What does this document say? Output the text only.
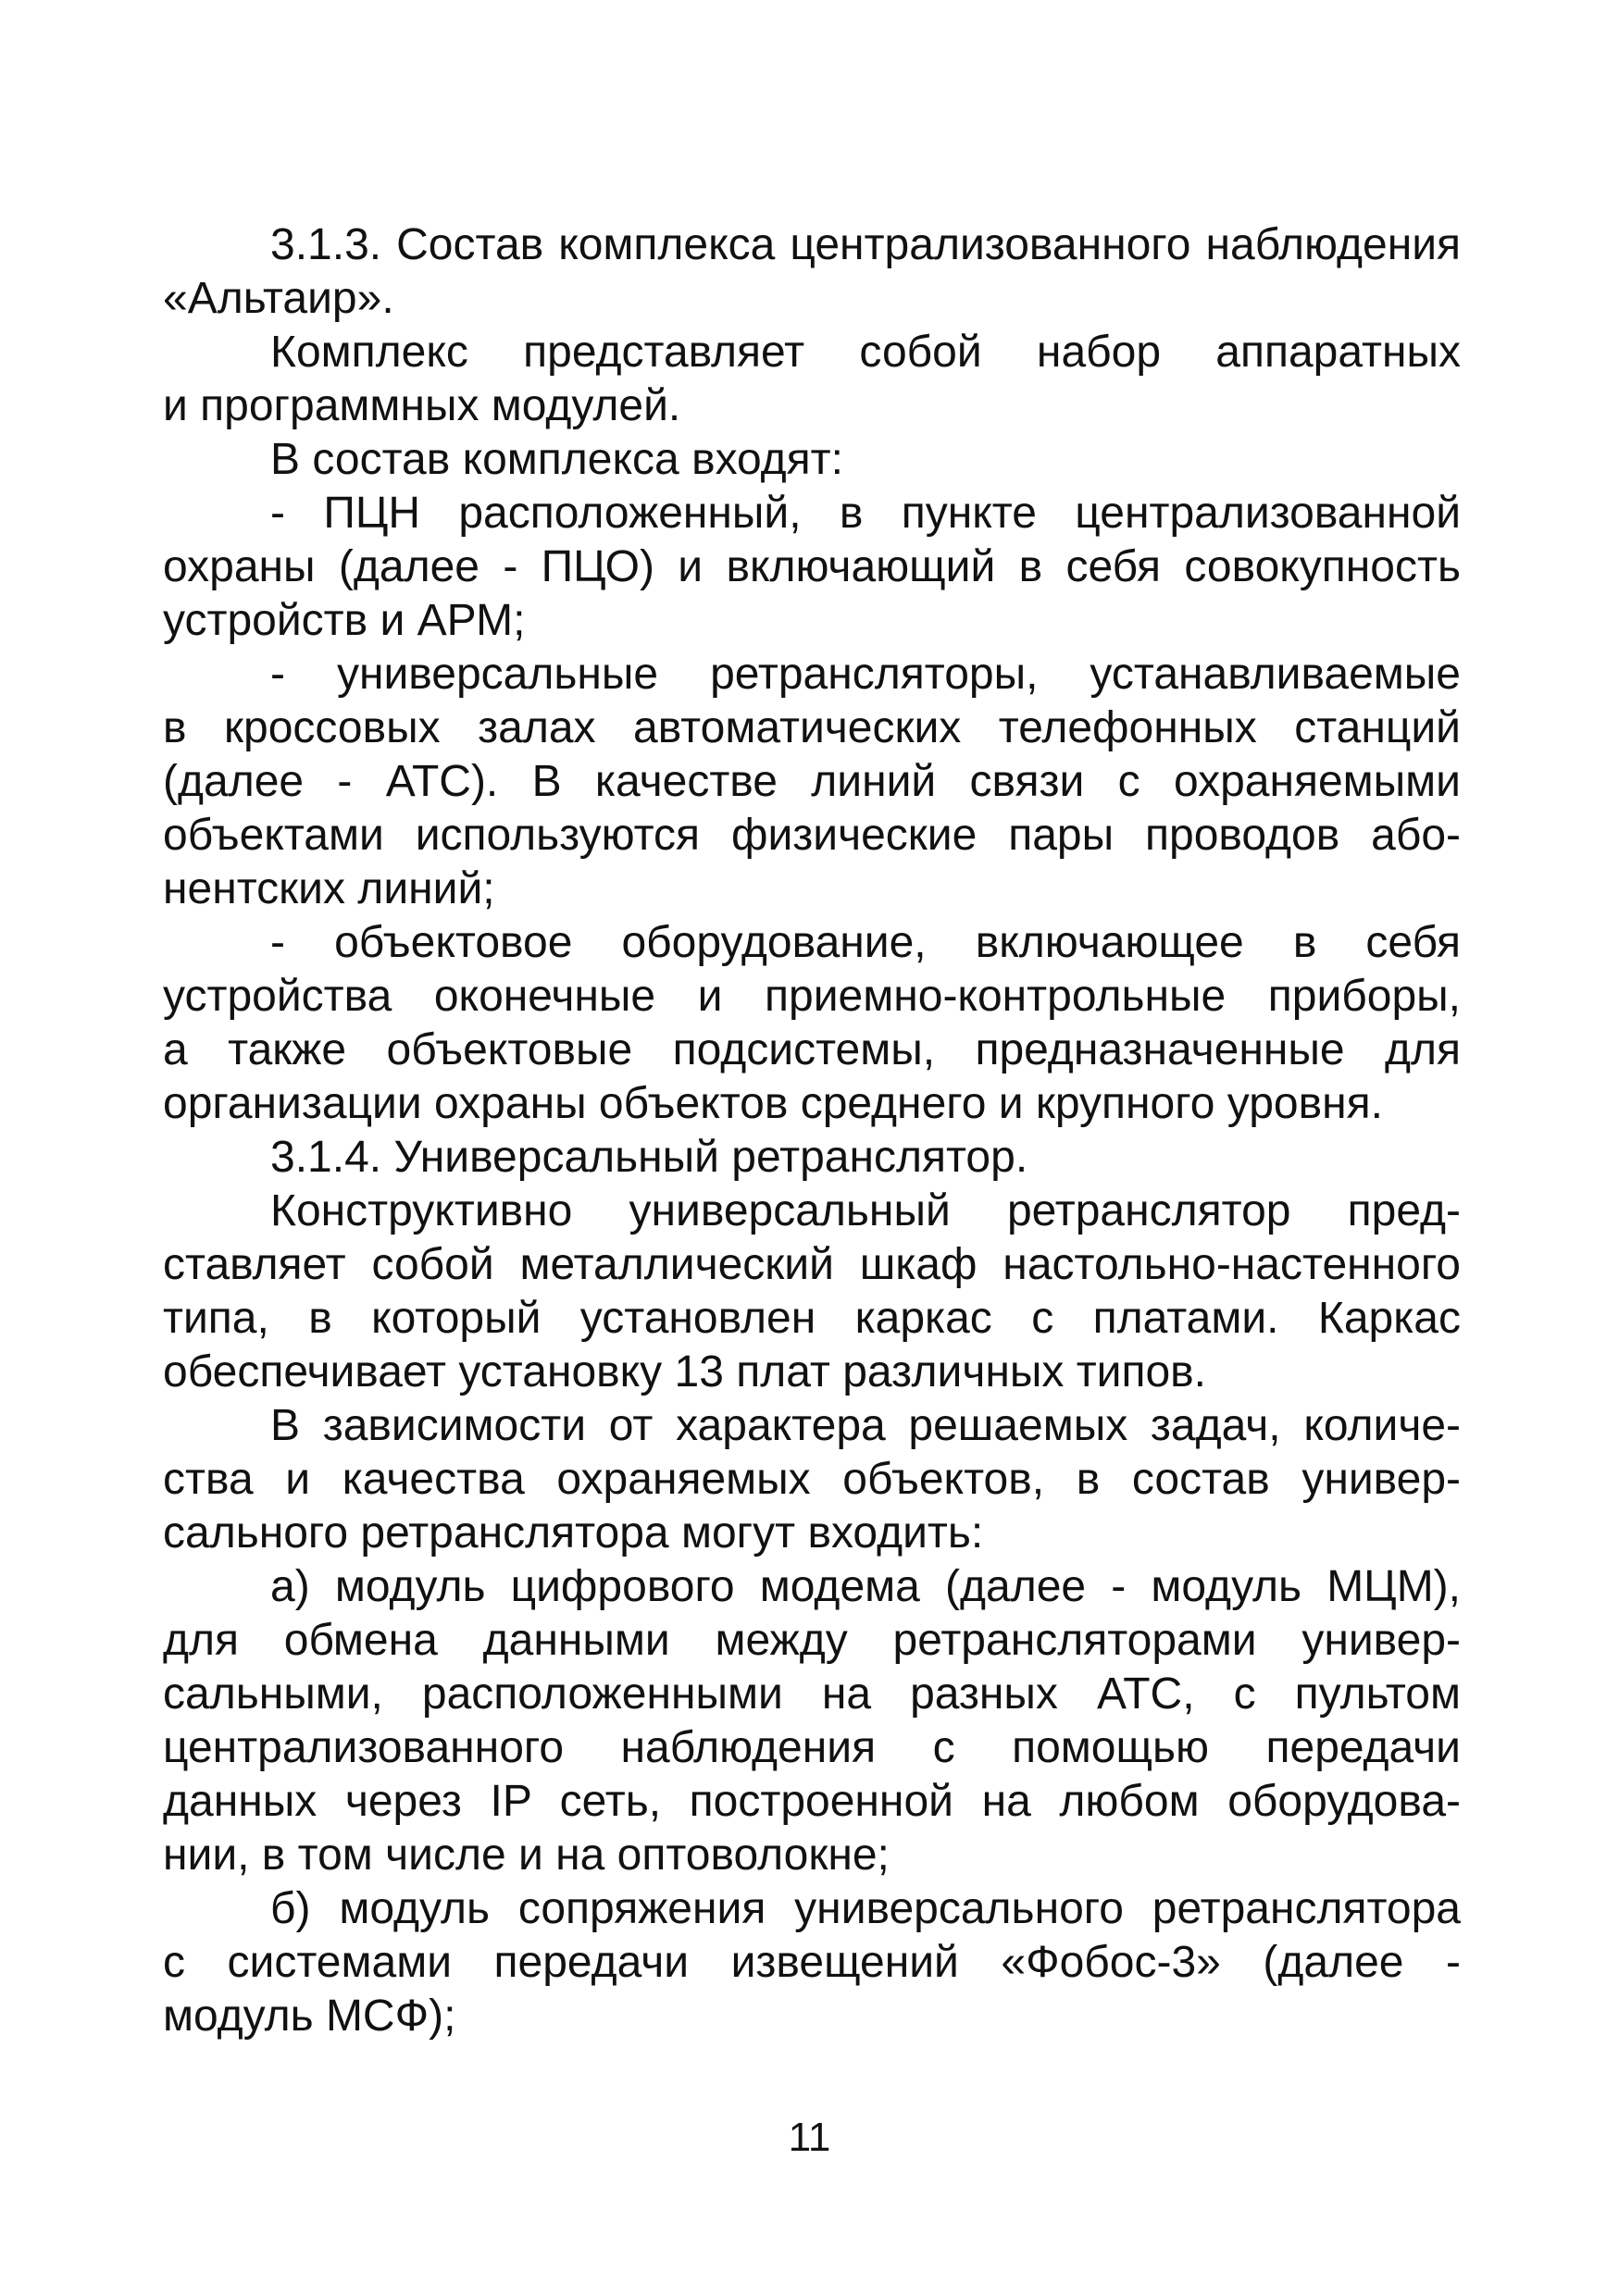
3.1.3. Состав комплекса централизованного наблюдения
«Альтаир».
Комплекс представляет собой набор аппаратных
и программных модулей.
В состав комплекса входят:
- ПЦН расположенный, в пункте централизованной
охраны (далее - ПЦО) и включающий в себя совокупность
устройств и АРМ;
- универсальные ретрансляторы, устанавливаемые
в кроссовых залах автоматических телефонных станций
(далее - АТС). В качестве линий связи с охраняемыми
объектами используются физические пары проводов або-
нентских линий;
- объектовое оборудование, включающее в себя
устройства оконечные и приемно-контрольные приборы,
а также объектовые подсистемы, предназначенные для
организации охраны объектов среднего и крупного уровня.
3.1.4. Универсальный ретранслятор.
Конструктивно универсальный ретранслятор пред-
ставляет собой металлический шкаф настольно-настенного
типа, в который установлен каркас с платами. Каркас
обеспечивает установку 13 плат различных типов.
В зависимости от характера решаемых задач, количе-
ства и качества охраняемых объектов, в состав универ-
сального ретранслятора могут входить:
а) модуль цифрового модема (далее - модуль МЦМ),
для обмена данными между ретрансляторами универ-
сальными, расположенными на разных АТС, с пультом
централизованного наблюдения с помощью передачи
данных через IP сеть, построенной на любом оборудова-
нии, в том числе и на оптоволокне;
б) модуль сопряжения универсального ретранслятора
с системами передачи извещений «Фобос-3» (далее -
модуль МСФ);
11
